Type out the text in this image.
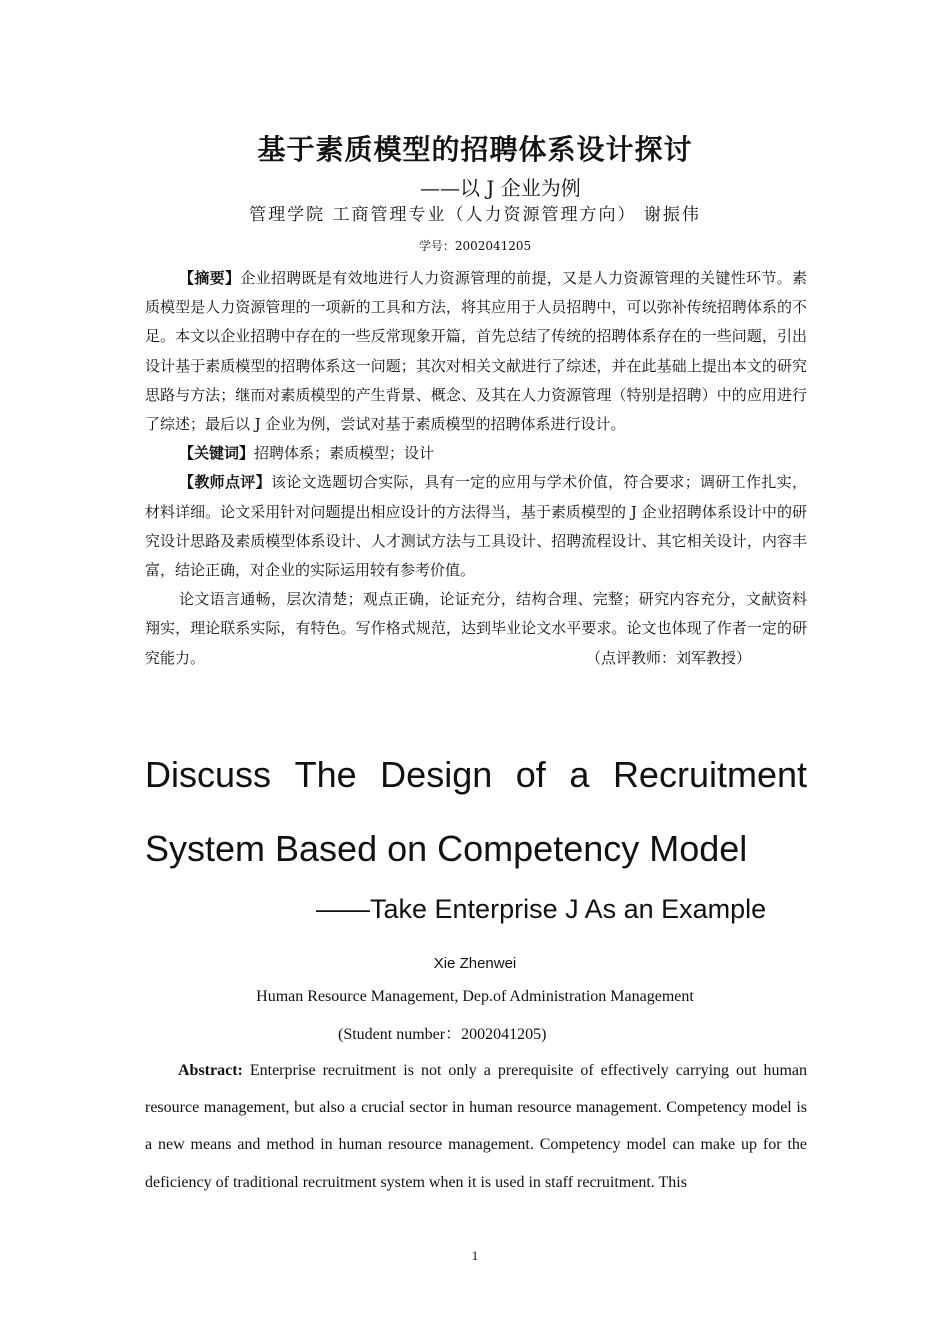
基于素质模型的招聘体系设计探讨
——以 J 企业为例
管理学院 工商管理专业（人力资源管理方向） 谢振伟
学号：2002041205

【摘要】企业招聘既是有效地进行人力资源管理的前提，又是人力资源管理的关键性环节。素质模型是人力资源管理的一项新的工具和方法，将其应用于人员招聘中，可以弥补传统招聘体系的不足。本文以企业招聘中存在的一些反常现象开篇，首先总结了传统的招聘体系存在的一些问题，引出设计基于素质模型的招聘体系这一问题；其次对相关文献进行了综述，并在此基础上提出本文的研究思路与方法；继而对素质模型的产生背景、概念、及其在人力资源管理（特别是招聘）中的应用进行了综述；最后以 J 企业为例，尝试对基于素质模型的招聘体系进行设计。

【关键词】招聘体系；素质模型；设计

【教师点评】该论文选题切合实际，具有一定的应用与学术价值，符合要求；调研工作扎实，材料详细。论文采用针对问题提出相应设计的方法得当，基于素质模型的 J 企业招聘体系设计中的研究设计思路及素质模型体系设计、人才测试方法与工具设计、招聘流程设计、其它相关设计，内容丰富，结论正确，对企业的实际运用较有参考价值。

论文语言通畅，层次清楚；观点正确，论证充分，结构合理、完整；研究内容充分，文献资料翔实，理论联系实际，有特色。写作格式规范，达到毕业论文水平要求。论文也体现了作者一定的研究能力。	（点评教师：刘军教授）

Discuss The Design of a Recruitment
System Based on Competency Model
——Take Enterprise J As an Example
Xie Zhenwei
Human Resource Management, Dep.of Administration Management
(Student number：2002041205)

Abstract: Enterprise recruitment is not only a prerequisite of effectively carrying out human resource management, but also a crucial sector in human resource management. Competency model is a new means and method in human resource management. Competency model can make up for the deficiency of traditional recruitment system when it is used in staff recruitment. This

1
